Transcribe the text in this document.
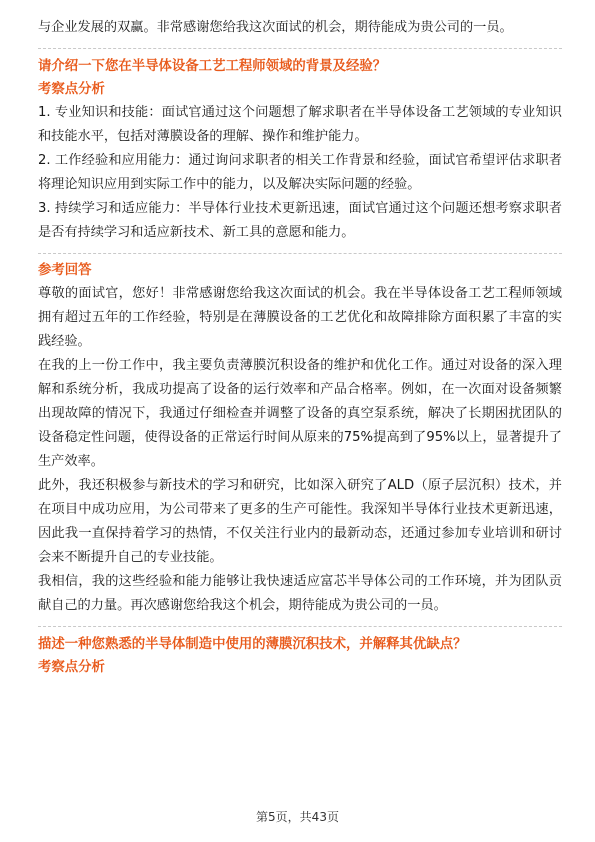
与企业发展的双赢。非常感谢您给我这次面试的机会，期待能成为贵公司的一员。

请介绍一下您在半导体设备工艺工程师领域的背景及经验？

考察点分析

1. 专业知识和技能：面试官通过这个问题想了解求职者在半导体设备工艺领域的专业知识和技能水平，包括对薄膜设备的理解、操作和维护能力。

2. 工作经验和应用能力：通过询问求职者的相关工作背景和经验，面试官希望评估求职者将理论知识应用到实际工作中的能力，以及解决实际问题的经验。

3. 持续学习和适应能力：半导体行业技术更新迅速，面试官通过这个问题还想考察求职者是否有持续学习和适应新技术、新工具的意愿和能力。

参考回答

尊敬的面试官，您好！非常感谢您给我这次面试的机会。我在半导体设备工艺工程师领域拥有超过五年的工作经验，特别是在薄膜设备的工艺优化和故障排除方面积累了丰富的实践经验。

在我的上一份工作中，我主要负责薄膜沉积设备的维护和优化工作。通过对设备的深入理解和系统分析，我成功提高了设备的运行效率和产品合格率。例如，在一次面对设备频繁出现故障的情况下，我通过仔细检查并调整了设备的真空泵系统，解决了长期困扰团队的设备稳定性问题，使得设备的正常运行时间从原来的75%提高到了95%以上，显著提升了生产效率。

此外，我还积极参与新技术的学习和研究，比如深入研究了ALD（原子层沉积）技术，并在项目中成功应用，为公司带来了更多的生产可能性。我深知半导体行业技术更新迅速，因此我一直保持着学习的热情，不仅关注行业内的最新动态，还通过参加专业培训和研讨会来不断提升自己的专业技能。

我相信，我的这些经验和能力能够让我快速适应富芯半导体公司的工作环境，并为团队贡献自己的力量。再次感谢您给我这个机会，期待能成为贵公司的一员。

描述一种您熟悉的半导体制造中使用的薄膜沉积技术，并解释其优缺点？

考察点分析

第5页，共43页
